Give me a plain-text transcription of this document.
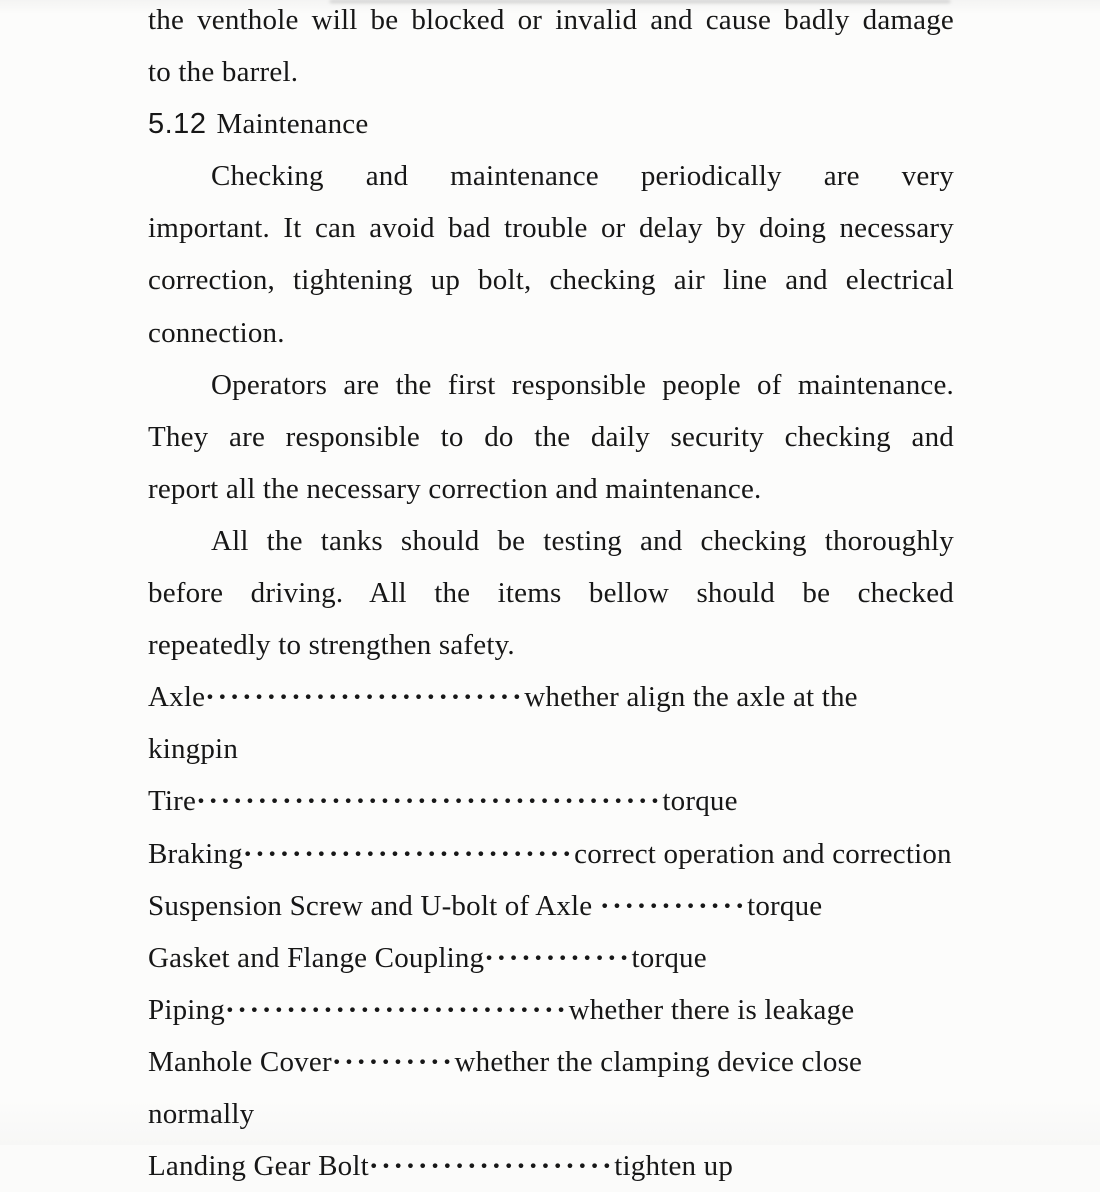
the venthole will be blocked or invalid and cause badly damage

to the barrel.

5.12 Maintenance

Checking and maintenance periodically are very

important. It can avoid bad trouble or delay by doing necessary

correction, tightening up bolt, checking air line and electrical

connection.

Operators are the first responsible people of maintenance.

They are responsible to do the daily security checking and

report all the necessary correction and maintenance.

All the tanks should be testing and checking thoroughly

before driving. All the items bellow should be checked

repeatedly to strengthen safety.

Axle··························whether align the axle at the kingpin

Tire······································torque

Braking···························correct operation and correction

Suspension Screw and U-bolt of Axle ············torque

Gasket and Flange Coupling············torque

Piping····························whether there is leakage

Manhole Cover··········whether the clamping device close

normally

Landing Gear Bolt····················tighten up
